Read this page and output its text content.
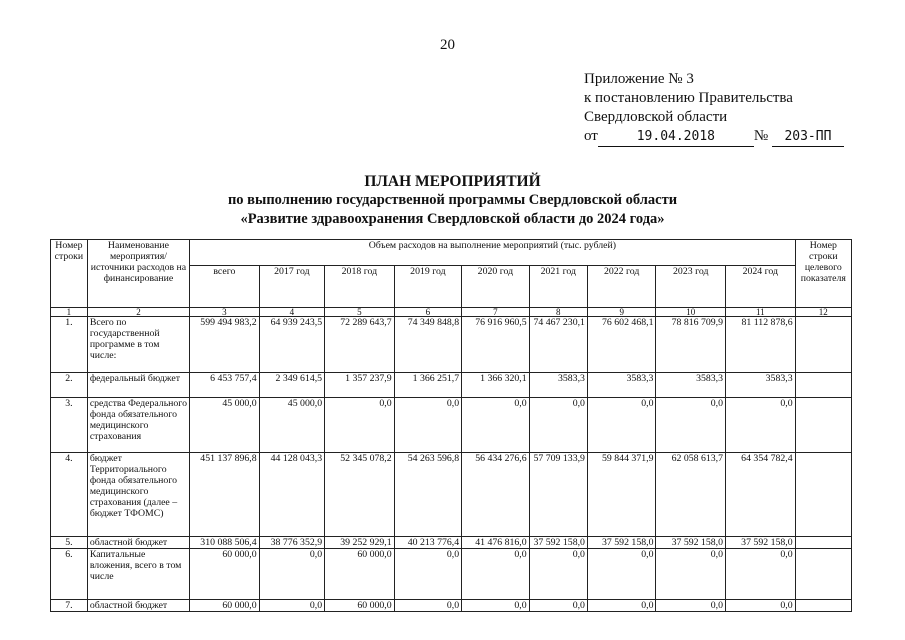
20
Приложение № 3
к постановлению Правительства
Свердловской области
от	19.04.2018	№ 203-ПП
ПЛАН МЕРОПРИЯТИЙ
по выполнению государственной программы Свердловской области
«Развитие здравоохранения Свердловской области до 2024 года»
Номер строки	Наименование мероприятия/ источники расходов на финансирование	Объем расходов на выполнение мероприятий (тыс. рублей)									Номер строки целевого показателя
		всего	2017 год	2018 год	2019 год	2020 год	2021 год	2022 год	2023 год	2024 год	
1	2	3	4	5	6	7	8	9	10	11	12
1.	Всего по государственной программе в том числе:	599 494 983,2	64 939 243,5	72 289 643,7	74 349 848,8	76 916 960,5	74 467 230,1	76 602 468,1	78 816 709,9	81 112 878,6	
2.	федеральный бюджет	6 453 757,4	2 349 614,5	1 357 237,9	1 366 251,7	1 366 320,1	3583,3	3583,3	3583,3	3583,3	
3.	средства Федерального фонда обязательного медицинского страхования	45 000,0	45 000,0	0,0	0,0	0,0	0,0	0,0	0,0	0,0	
4.	бюджет Территориального фонда обязательного медицинского страхования (далее – бюджет ТФОМС)	451 137 896,8	44 128 043,3	52 345 078,2	54 263 596,8	56 434 276,6	57 709 133,9	59 844 371,9	62 058 613,7	64 354 782,4	
5.	областной бюджет	310 088 506,4	38 776 352,9	39 252 929,1	40 213 776,4	41 476 816,0	37 592 158,0	37 592 158,0	37 592 158,0	37 592 158,0	
6.	Капитальные вложения, всего в том числе	60 000,0	0,0	60 000,0	0,0	0,0	0,0	0,0	0,0	0,0	
7.	областной бюджет	60 000,0	0,0	60 000,0	0,0	0,0	0,0	0,0	0,0	0,0	
